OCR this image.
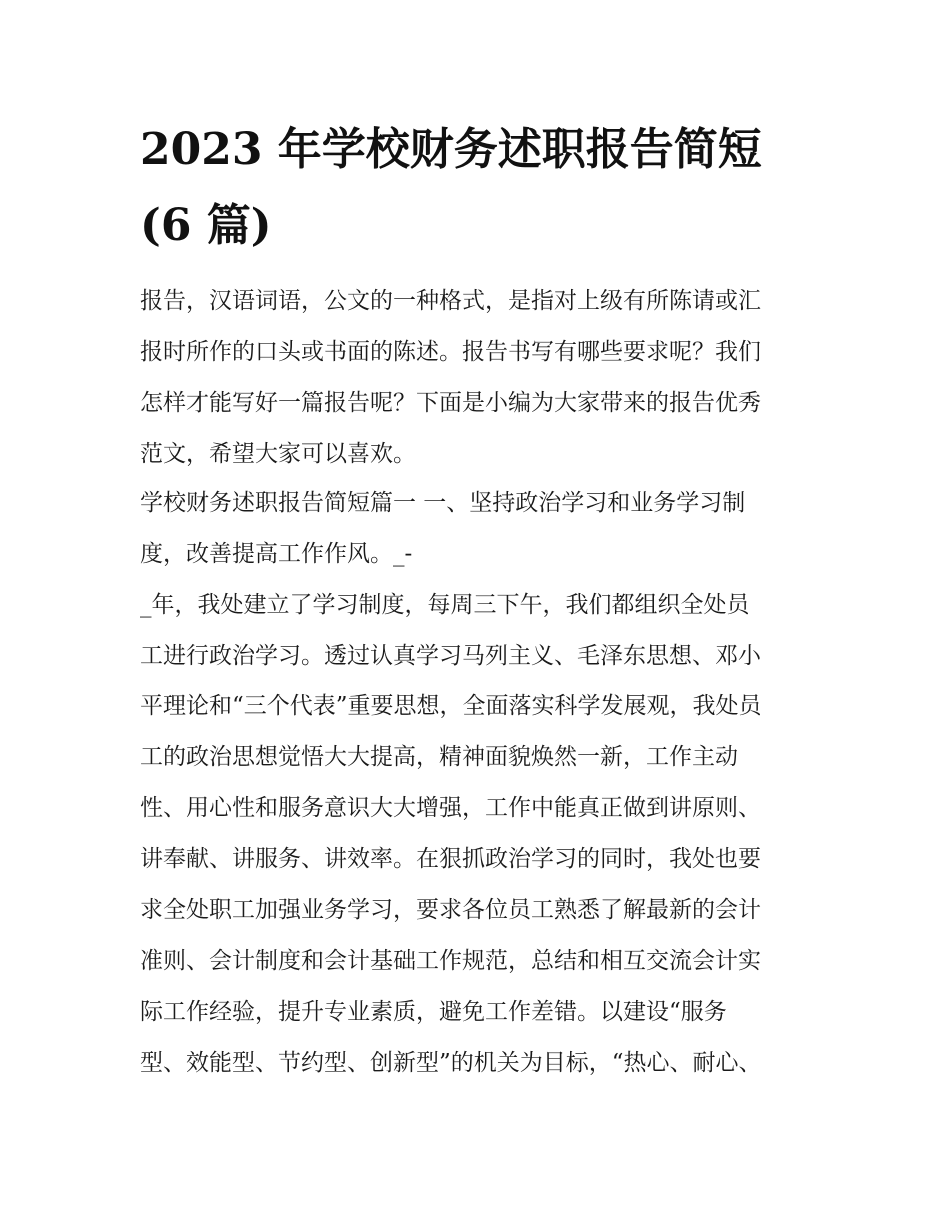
2023 年学校财务述职报告简短
(6 篇)
报告，汉语词语，公文的一种格式，是指对上级有所陈请或汇
报时所作的口头或书面的陈述。报告书写有哪些要求呢？我们
怎样才能写好一篇报告呢？下面是小编为大家带来的报告优秀
范文，希望大家可以喜欢。
学校财务述职报告简短篇一 一、坚持政治学习和业务学习制
度，改善提高工作作风。_-
_年，我处建立了学习制度，每周三下午，我们都组织全处员
工进行政治学习。透过认真学习马列主义、毛泽东思想、邓小
平理论和“三个代表”重要思想，全面落实科学发展观，我处员
工的政治思想觉悟大大提高，精神面貌焕然一新，工作主动
性、用心性和服务意识大大增强，工作中能真正做到讲原则、
讲奉献、讲服务、讲效率。在狠抓政治学习的同时，我处也要
求全处职工加强业务学习，要求各位员工熟悉了解最新的会计
准则、会计制度和会计基础工作规范，总结和相互交流会计实
际工作经验，提升专业素质，避免工作差错。以建设“服务
型、效能型、节约型、创新型”的机关为目标，“热心、耐心、
